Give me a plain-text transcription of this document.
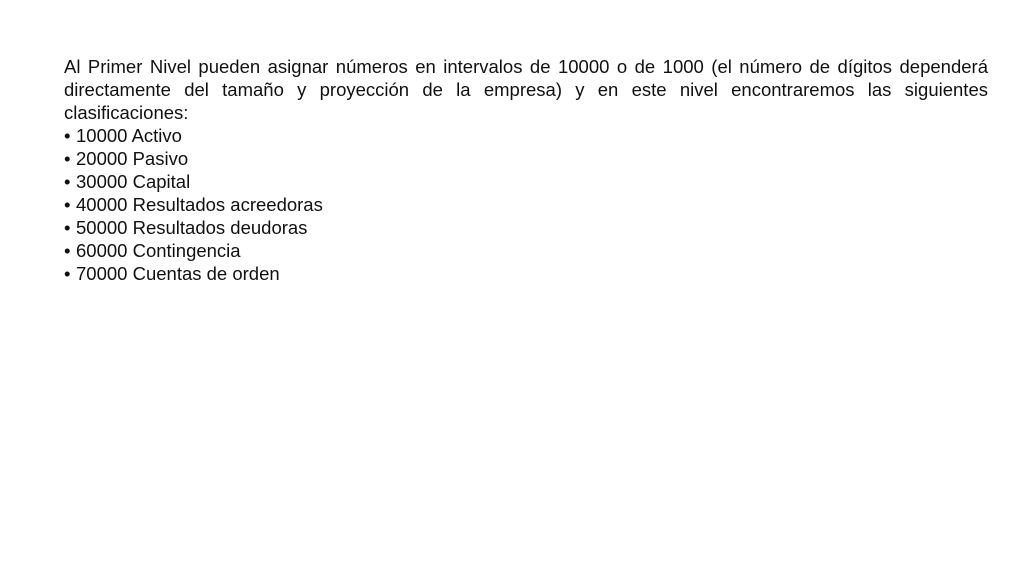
Al Primer Nivel pueden asignar números en intervalos de 10000 o de 1000 (el número de dígitos dependerá directamente del tamaño y proyección de la empresa) y en este nivel encontraremos las siguientes clasificaciones:

• 10000 Activo
• 20000 Pasivo
• 30000 Capital
• 40000 Resultados acreedoras
• 50000 Resultados deudoras
• 60000 Contingencia
• 70000 Cuentas de orden
